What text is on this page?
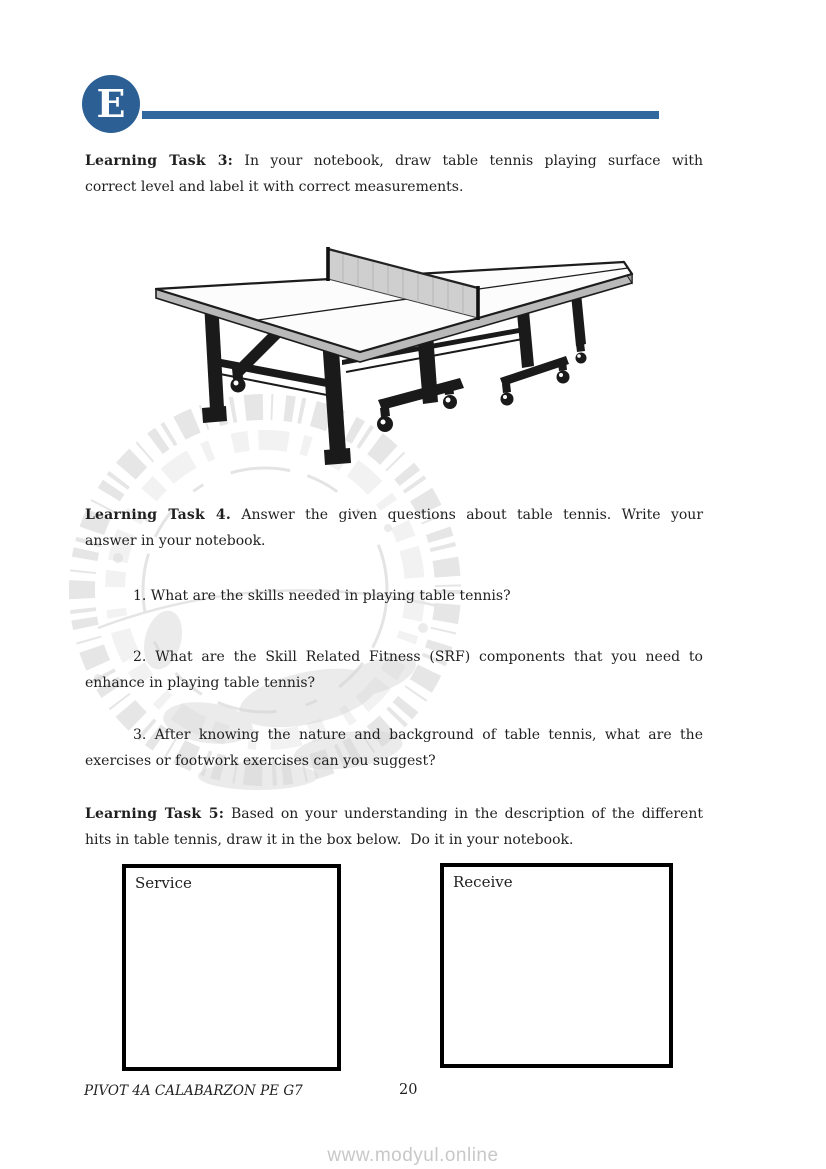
E
Learning Task 3: In your notebook, draw table tennis playing surface with
correct level and label it with correct measurements.
Learning Task 4. Answer the given questions about table tennis. Write your
answer in your notebook.
1. What are the skills needed in playing table tennis?
2. What are the Skill Related Fitness (SRF) components that you need to
enhance in playing table tennis?
3. After knowing the nature and background of table tennis, what are the
exercises or footwork exercises can you suggest?
Learning Task 5: Based on your understanding in the description of the different
hits in table tennis, draw it in the box below.  Do it in your notebook.
Service	Receive
PIVOT 4A CALABARZON PE G7	20
www.modyul.online
